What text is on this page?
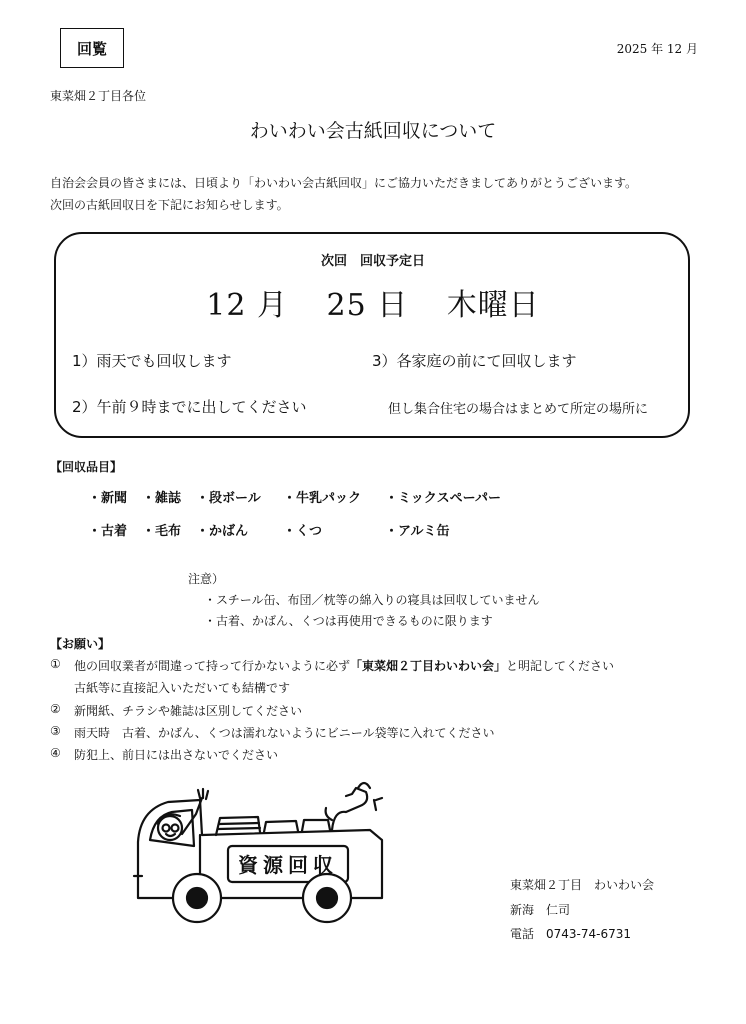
回覧	2025 年 12 月
東菜畑２丁目各位
わいわい会古紙回収について
自治会会員の皆さまには、日頃より「わいわい会古紙回収」にご協力いただきましてありがとうございます。
次回の古紙回収日を下記にお知らせします。
次回　回収予定日
12 月 25 日 木曜日
1）雨天でも回収します
2）午前９時までに出してください
3）各家庭の前にて回収します
但し集合住宅の場合はまとめて所定の場所に
【回収品目】
・新聞 ・雑誌 ・段ボール ・牛乳パック ・ミックスペーパー
・古着 ・毛布 ・かばん	・くつ	・アルミ缶
注意）
・スチール缶、布団／枕等の綿入りの寝具は回収していません
・古着、かばん、くつは再使用できるものに限ります
【お願い】
①	他の回収業者が間違って持って行かないように必ず「東菜畑２丁目わいわい会」と明記してください
古紙等に直接記入いただいても結構です
②	新聞紙、チラシや雑誌は区別してください
③	雨天時　古着、かばん、くつは濡れないようにビニール袋等に入れてください
④	防犯上、前日には出さないでください
資源回収
東菜畑２丁目　わいわい会
新海　仁司
電話　0743-74-6731
